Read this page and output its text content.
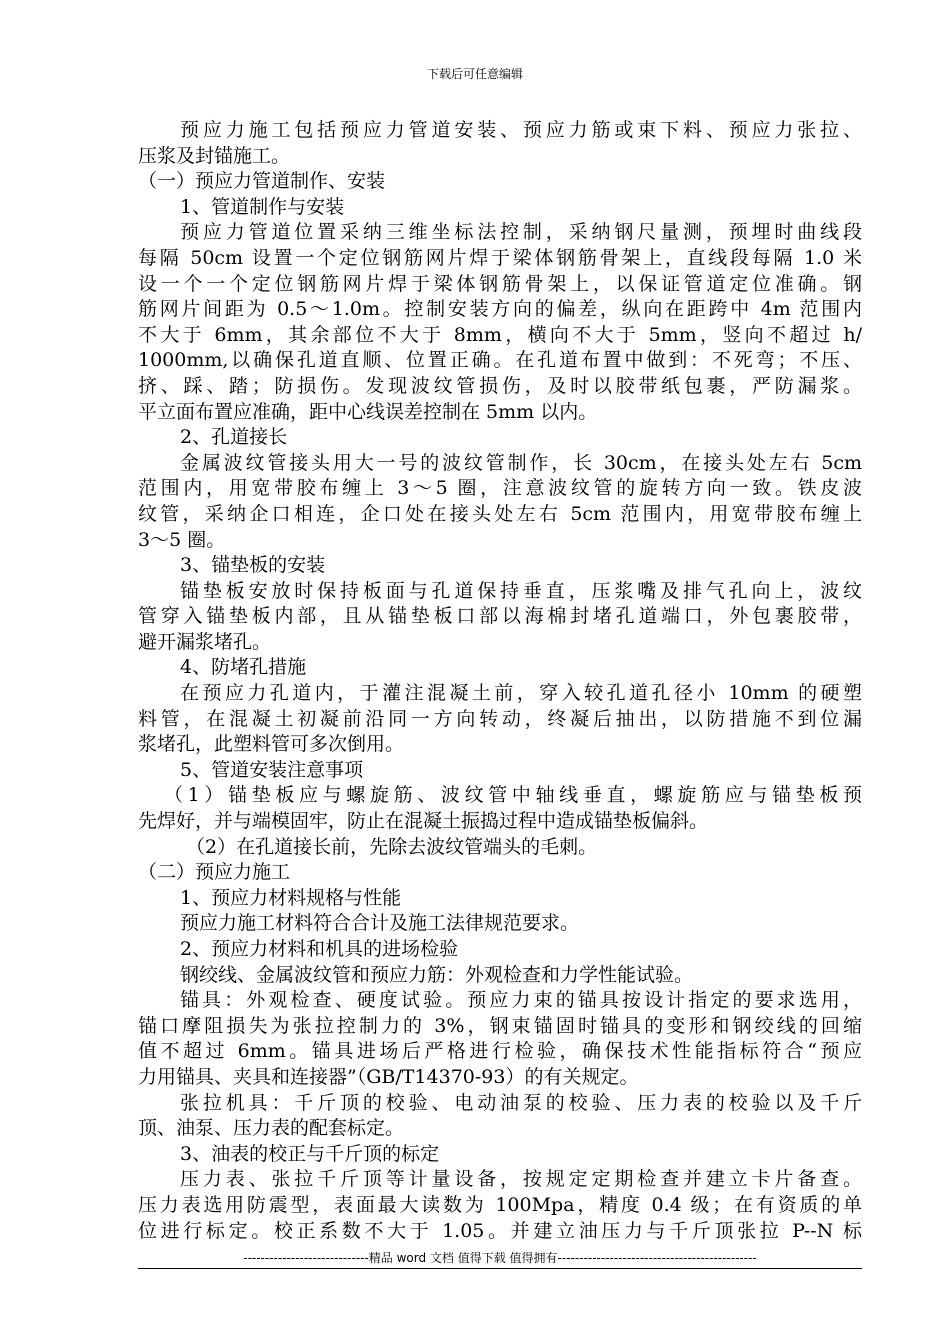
下载后可任意编辑
预应力施工包括预应力管道安装、预应力筋或束下料、预应力张拉、
压浆及封锚施工。
（一）预应力管道制作、安装
1、管道制作与安装
预应力管道位置采纳三维坐标法控制，采纳钢尺量测，预埋时曲线段
每隔 50cm 设置一个定位钢筋网片焊于梁体钢筋骨架上，直线段每隔 1.0 米
设一个一个定位钢筋网片焊于梁体钢筋骨架上，以保证管道定位准确。钢
筋网片间距为 0.5～1.0m。控制安装方向的偏差，纵向在距跨中 4m 范围内
不大于 6mm，其余部位不大于 8mm，横向不大于 5mm，竖向不超过 h/
1000mm,以确保孔道直顺、位置正确。在孔道布置中做到：不死弯；不压、
挤、踩、踏；防损伤。发现波纹管损伤，及时以胶带纸包裹，严防漏浆。
平立面布置应准确，距中心线误差控制在 5mm 以内。
2、孔道接长
金属波纹管接头用大一号的波纹管制作，长 30cm，在接头处左右 5cm
范围内，用宽带胶布缠上 3～5 圈，注意波纹管的旋转方向一致。铁皮波
纹管，采纳企口相连，企口处在接头处左右 5cm 范围内，用宽带胶布缠上
3～5 圈。
3、锚垫板的安装
锚垫板安放时保持板面与孔道保持垂直，压浆嘴及排气孔向上，波纹
管穿入锚垫板内部，且从锚垫板口部以海棉封堵孔道端口，外包裹胶带，
避开漏浆堵孔。
4、防堵孔措施
在预应力孔道内，于灌注混凝土前，穿入较孔道孔径小 10mm 的硬塑
料管，在混凝土初凝前沿同一方向转动，终凝后抽出，以防措施不到位漏
浆堵孔，此塑料管可多次倒用。
5、管道安装注意事项
（1）锚垫板应与螺旋筋、波纹管中轴线垂直，螺旋筋应与锚垫板预
先焊好，并与端模固牢，防止在混凝土振捣过程中造成锚垫板偏斜。
（2）在孔道接长前，先除去波纹管端头的毛刺。
（二）预应力施工
1、预应力材料规格与性能
预应力施工材料符合合计及施工法律规范要求。
2、预应力材料和机具的进场检验
钢绞线、金属波纹管和预应力筋：外观检查和力学性能试验。
锚具：外观检查、硬度试验。预应力束的锚具按设计指定的要求选用，
锚口摩阻损失为张拉控制力的 3%，钢束锚固时锚具的变形和钢绞线的回缩
值不超过 6mm。锚具进场后严格进行检验，确保技术性能指标符合“预应
力用锚具、夹具和连接器”（GB/T14370-93）的有关规定。
张拉机具：千斤顶的校验、电动油泵的校验、压力表的校验以及千斤
顶、油泵、压力表的配套标定。
3、油表的校正与千斤顶的标定
压力表、张拉千斤顶等计量设备，按规定定期检查并建立卡片备查。
压力表选用防震型，表面最大读数为 100Mpa，精度 0.4 级；在有资质的单
位进行标定。校正系数不大于 1.05。并建立油压力与千斤顶张拉 P--N 标
-----------------------------精品 word 文档 值得下载 值得拥有----------------------------------------------
